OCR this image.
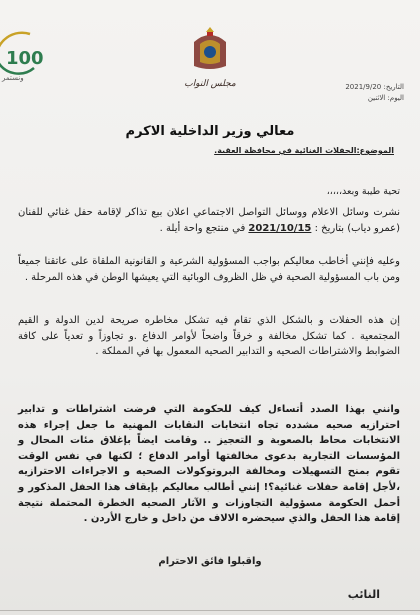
100
ونستمر
مجلس النواب	التاريخ: 2021/9/20
اليوم: الاثنين
معالي وزير الداخلية الاكرم
الموضوع:الحفلات الغنائية في محافظة العقبة.
تحية طيبة وبعد،،،،،
نشرت وسائل الاعلام ووسائل التواصل الاجتماعي اعلان بيع تذاكر لإقامة حفل غنائي للفنان (عمرو دياب) بتاريخ : 2021/10/15 في منتجع واحة أيلة .
وعليه فإنني أخاطب معاليكم بواجب المسؤولية الشرعية و القانونية الملقاة على عاتقنا جميعاً ومن باب المسؤولية الصحية في ظل الظروف الوبائية التي يعيشها الوطن في هذه المرحلة .
إن هذه الحفلات و بالشكل الذي تقام فيه تشكل مخاطره صريحة لدين الدولة و القيم المجتمعية . كما تشكل مخالفة و خرقاً واضحاً لأوامر الدفاع .و تجاوزاً و تعدياً على كافة الضوابط والاشتراطات الصحيه و التدابير الصحيه المعمول بها في المملكة .
وانني بهذا الصدد أتساءل كيف للحكومة التي فرضت اشتراطات و تدابير احترازيه صحيه مشدده تجاه انتخابات النقابات المهنية ما جعل إجراء هذه الانتخابات محاط بالصعوبة و التعجيز .. وقامت ايضاً بإغلاق مئات المحال و المؤسسات التجارية بدعوى مخالفتها أوامر الدفاع ؛ لكنها في نفس الوقت تقوم بمنح التسهيلات ومخالفة البروتوكولات الصحيه و الاجراءات الاحترازيه ،لأجل إقامة حفلات غنائية؟! إنني أطالب معاليكم بإيقاف هذا الحفل المذكور و أحمل الحكومة مسؤولية التجاوزات و الآثار الصحيه الخطرة المحتملة نتيجة إقامة هذا الحفل والذي سيحضره الالاف من داخل و خارج الأردن .
واقبلوا فائق الاحترام
النائب
